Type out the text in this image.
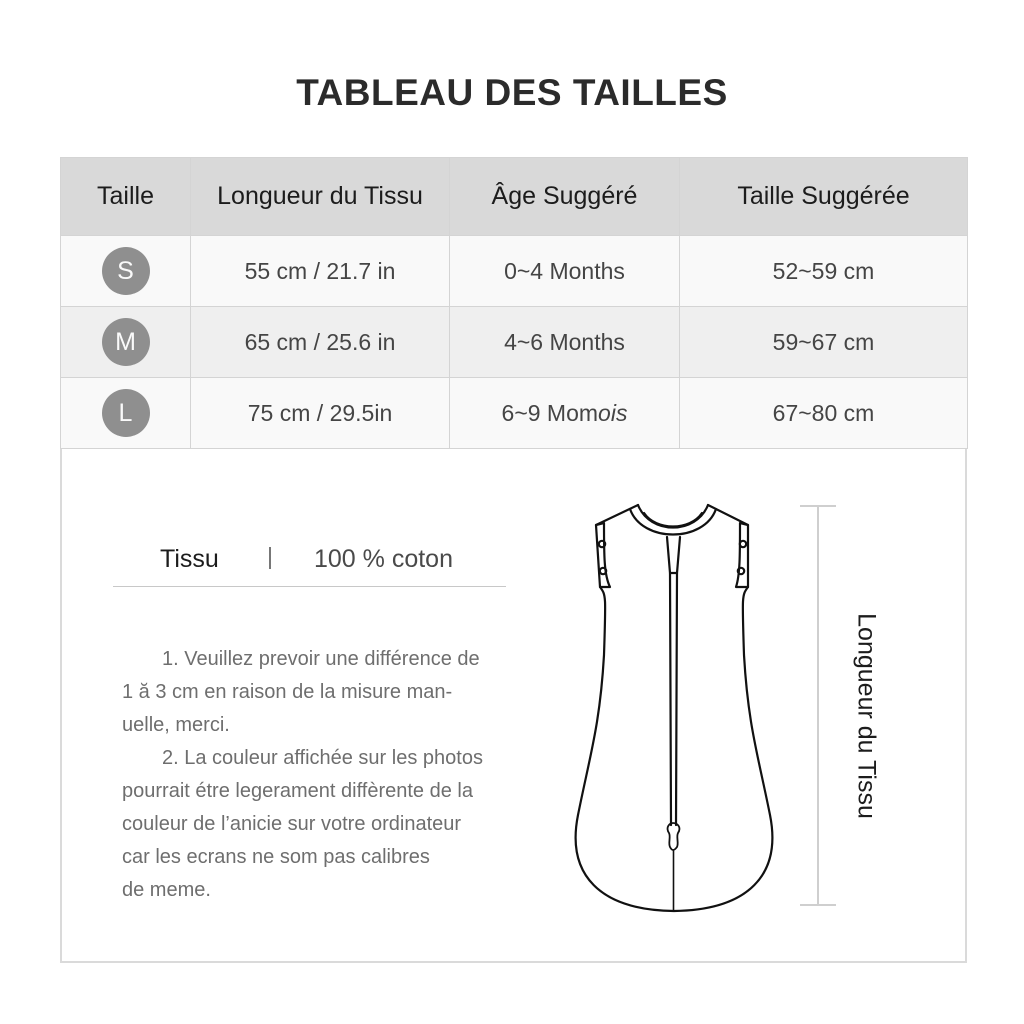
TABLEAU DES TAILLES
Taille	Longueur du Tissu	Âge Suggéré	Taille Suggérée
S	55 cm / 21.7 in	0~4 Months	52~59 cm
M	65 cm / 25.6 in	4~6 Months	59~67 cm
L	75 cm / 29.5in	6~9 Momois	67~80 cm
Tissu	100 % coton

1. Veuillez prevoir une différence de

1 ă 3 cm en raison de la misure man-

uelle, merci.

2. La couleur affichée sur les photos

pourrait étre legerament diffèrente de la

couleur de l’anicie sur votre ordinateur

car les ecrans ne som pas calibres

de meme.

Longueur du Tissu
